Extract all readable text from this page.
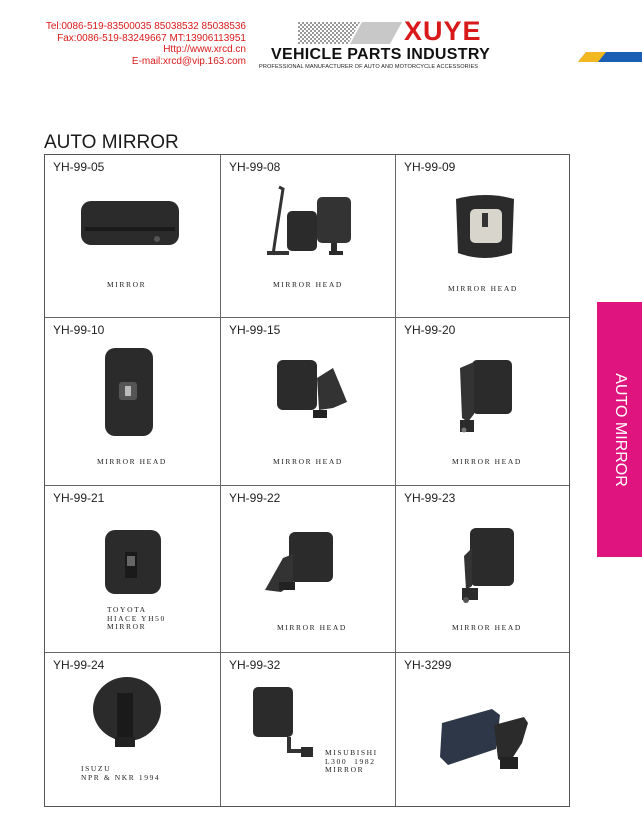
Tel:0086-519-83500035 85038532 85038536
Fax:0086-519-83249667 MT:13906113951
Http://www.xrcd.cn
E-mail:xrcd@vip.163.com
XUYE
VEHICLE PARTS INDUSTRY
PROFESSIONAL MANUFACTURER OF AUTO AND MOTORCYCLE ACCESSORIES
AUTO MIRROR
YH-99-05
MIRROR
YH-99-08
MIRROR HEAD
YH-99-09
MIRROR HEAD
YH-99-10
MIRROR HEAD
YH-99-15
MIRROR HEAD
YH-99-20
MIRROR HEAD
YH-99-21
TOYOTA
HIACE YH50
MIRROR
YH-99-22
MIRROR HEAD
YH-99-23
MIRROR HEAD
YH-99-24
ISUZU
NPR & NKR 1994
YH-99-32
MISUBISHI
L300  1982
MIRROR
YH-3299
AUTO MIRROR
